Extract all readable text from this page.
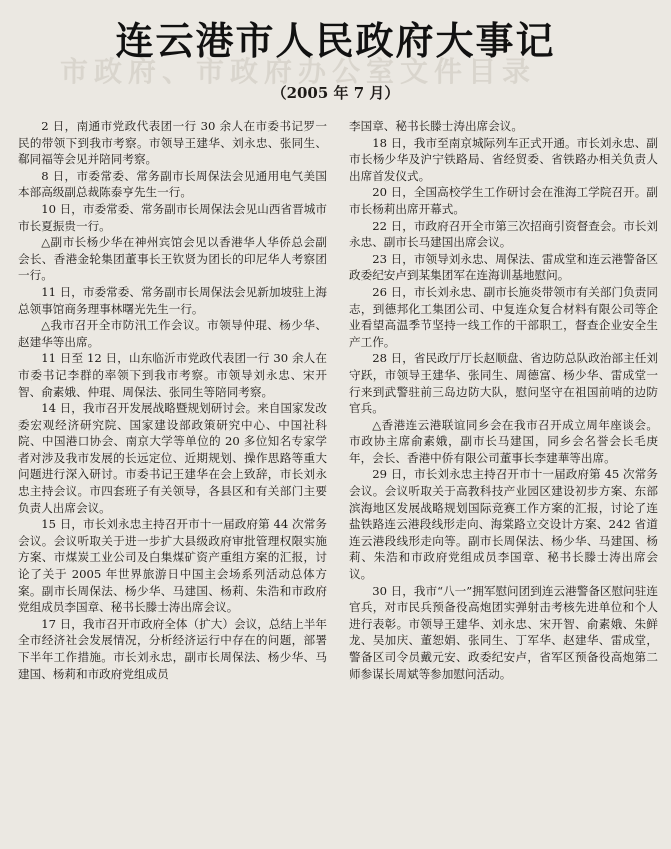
市政府、市政府办公室文件目录
连云港市人民政府大事记
（2005 年 7 月）

2 日，南通市党政代表团一行 30 余人在市委书记罗一民的带领下到我市考察。市领导王建华、刘永忠、张同生、郗同福等会见并陪同考察。

8 日，市委常委、常务副市长周保法会见通用电气美国本部高级副总裁陈泰亨先生一行。

10 日，市委常委、常务副市长周保法会见山西省晋城市市长夏振贵一行。

△副市长杨少华在神州宾馆会见以香港华人华侨总会副会长、香港金轮集团董事长王钦贤为团长的印尼华人考察团一行。

11 日，市委常委、常务副市长周保法会见新加坡驻上海总领事馆商务理事林曙光先生一行。

△我市召开全市防汛工作会议。市领导仲琨、杨少华、赵建华等出席。

11 日至 12 日，山东临沂市党政代表团一行 30 余人在市委书记李群的率领下到我市考察。市领导刘永忠、宋开智、俞素娥、仲琨、周保法、张同生等陪同考察。

14 日，我市召开发展战略暨规划研讨会。来自国家发改委宏观经济研究院、国家建设部政策研究中心、中国社科院、中国港口协会、南京大学等单位的 20 多位知名专家学者对涉及我市发展的长远定位、近期规划、操作思路等重大问题进行深入研讨。市委书记王建华在会上致辞，市长刘永忠主持会议。市四套班子有关领导，各县区和有关部门主要负责人出席会议。

15 日，市长刘永忠主持召开市十一届政府第 44 次常务会议。会议听取关于进一步扩大县级政府审批管理权限实施方案、市煤炭工业公司及白集煤矿资产重组方案的汇报，讨论了关于 2005 年世界旅游日中国主会场系列活动总体方案。副市长周保法、杨少华、马建国、杨莉、朱浩和市政府党组成员李国章、秘书长滕士涛出席会议。

17 日，我市召开市政府全体（扩大）会议，总结上半年全市经济社会发展情况，分析经济运行中存在的问题，部署下半年工作措施。市长刘永忠，副市长周保法、杨少华、马建国、杨莉和市政府党组成员

李国章、秘书长滕士涛出席会议。

18 日，我市至南京城际列车正式开通。市长刘永忠、副市长杨少华及沪宁铁路局、省经贸委、省铁路办相关负责人出席首发仪式。

20 日，全国高校学生工作研讨会在淮海工学院召开。副市长杨莉出席开幕式。

22 日，市政府召开全市第三次招商引资督查会。市长刘永忠、副市长马建国出席会议。

23 日，市领导刘永忠、周保法、雷成堂和连云港警备区政委纪安卢到某集团军在连海训基地慰问。

26 日，市长刘永忠、副市长施炎带领市有关部门负责同志，到德邦化工集团公司、中复连众复合材料有限公司等企业看望高温季节坚持一线工作的干部职工，督查企业安全生产工作。

28 日，省民政厅厅长赵顺盘、省边防总队政治部主任刘守跃，市领导王建华、张同生、周德富、杨少华、雷成堂一行来到武警驻前三岛边防大队，慰问坚守在祖国前哨的边防官兵。

△香港连云港联谊同乡会在我市召开成立周年座谈会。市政协主席俞素娥，副市长马建国，同乡会名誉会长毛庚年，会长、香港中侨有限公司董事长李建華等出席。

29 日，市长刘永忠主持召开市十一届政府第 45 次常务会议。会议听取关于高教科技产业园区建设初步方案、东部滨海地区发展战略规划国际竞赛工作方案的汇报，讨论了连盐铁路连云港段线形走向、海棠路立交设计方案、242 省道连云港段线形走向等。副市长周保法、杨少华、马建国、杨莉、朱浩和市政府党组成员李国章、秘书长滕士涛出席会议。

30 日，我市“八一”拥军慰问团到连云港警备区慰问驻连官兵，对市民兵预备役高炮团实弹射击考核先进单位和个人进行表彰。市领导王建华、刘永忠、宋开智、俞素娥、朱鲜龙、吴加庆、董恕娟、张同生、丁军华、赵建华、雷成堂，警备区司令员戴元安、政委纪安卢，省军区预备役高炮第二师参谋长周斌等参加慰问活动。
